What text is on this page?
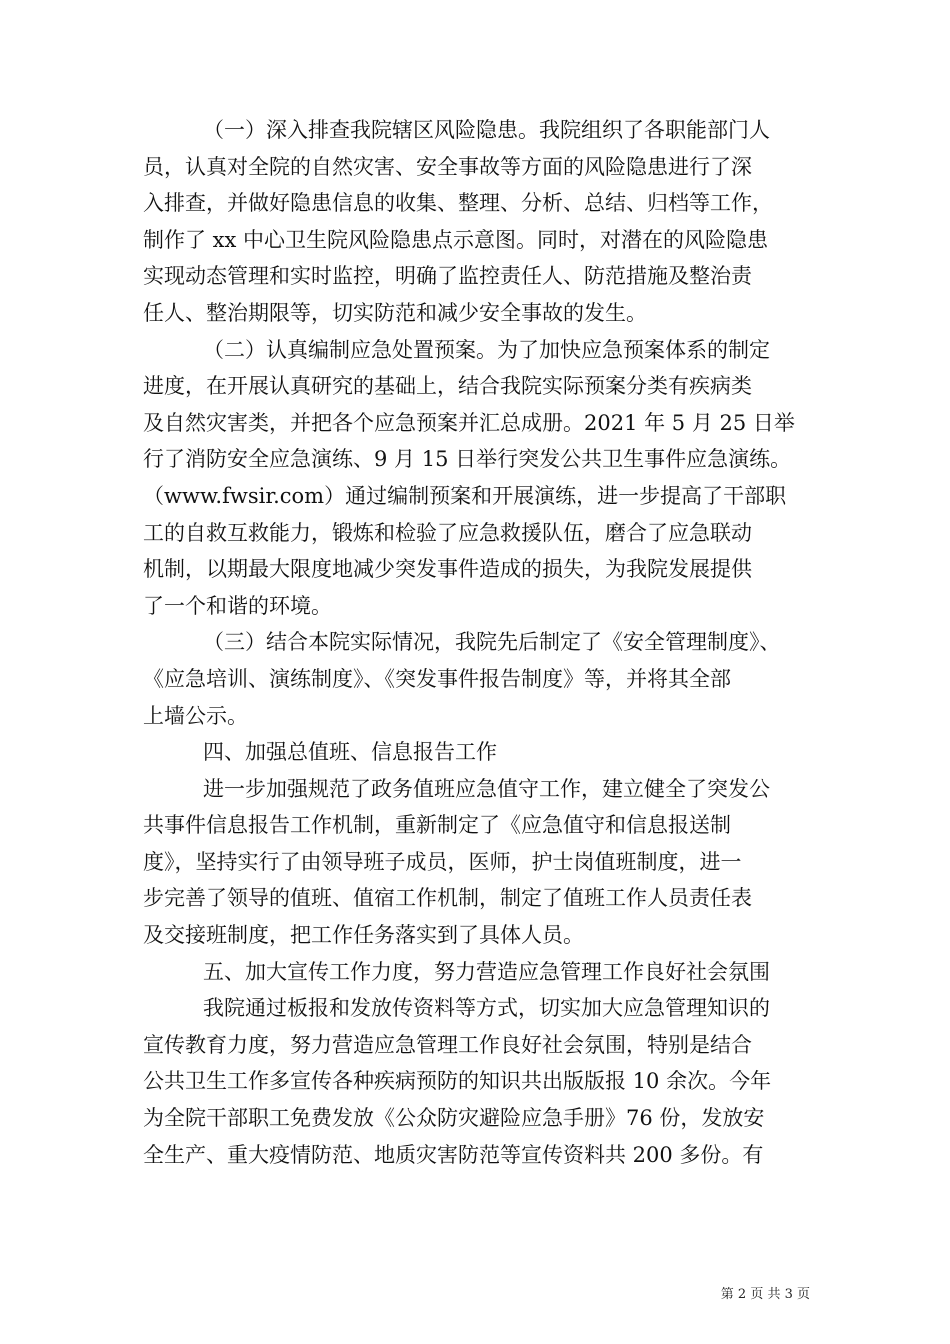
（一）深入排查我院辖区风险隐患。我院组织了各职能部门人
员，认真对全院的自然灾害、安全事故等方面的风险隐患进行了深
入排查，并做好隐患信息的收集、整理、分析、总结、归档等工作，
制作了 xx 中心卫生院风险隐患点示意图。同时，对潜在的风险隐患
实现动态管理和实时监控，明确了监控责任人、防范措施及整治责
任人、整治期限等，切实防范和减少安全事故的发生。
（二）认真编制应急处置预案。为了加快应急预案体系的制定
进度，在开展认真研究的基础上，结合我院实际预案分类有疾病类
及自然灾害类，并把各个应急预案并汇总成册。2021 年 5 月 25 日举
行了消防安全应急演练、9 月 15 日举行突发公共卫生事件应急演练。
（www.fwsir.com）通过编制预案和开展演练，进一步提高了干部职
工的自救互救能力，锻炼和检验了应急救援队伍，磨合了应急联动
机制，以期最大限度地减少突发事件造成的损失，为我院发展提供
了一个和谐的环境。
（三）结合本院实际情况，我院先后制定了《安全管理制度》、
《应急培训、演练制度》、《突发事件报告制度》等，并将其全部
上墙公示。
四、加强总值班、信息报告工作
进一步加强规范了政务值班应急值守工作，建立健全了突发公
共事件信息报告工作机制，重新制定了《应急值守和信息报送制
度》，坚持实行了由领导班子成员，医师，护士岗值班制度，进一
步完善了领导的值班、值宿工作机制，制定了值班工作人员责任表
及交接班制度，把工作任务落实到了具体人员。
五、加大宣传工作力度，努力营造应急管理工作良好社会氛围
我院通过板报和发放传资料等方式，切实加大应急管理知识的
宣传教育力度，努力营造应急管理工作良好社会氛围，特别是结合
公共卫生工作多宣传各种疾病预防的知识共出版版报 10 余次。今年
为全院干部职工免费发放《公众防灾避险应急手册》76 份，发放安
全生产、重大疫情防范、地质灾害防范等宣传资料共 200 多份。有
第 2 页 共 3 页
